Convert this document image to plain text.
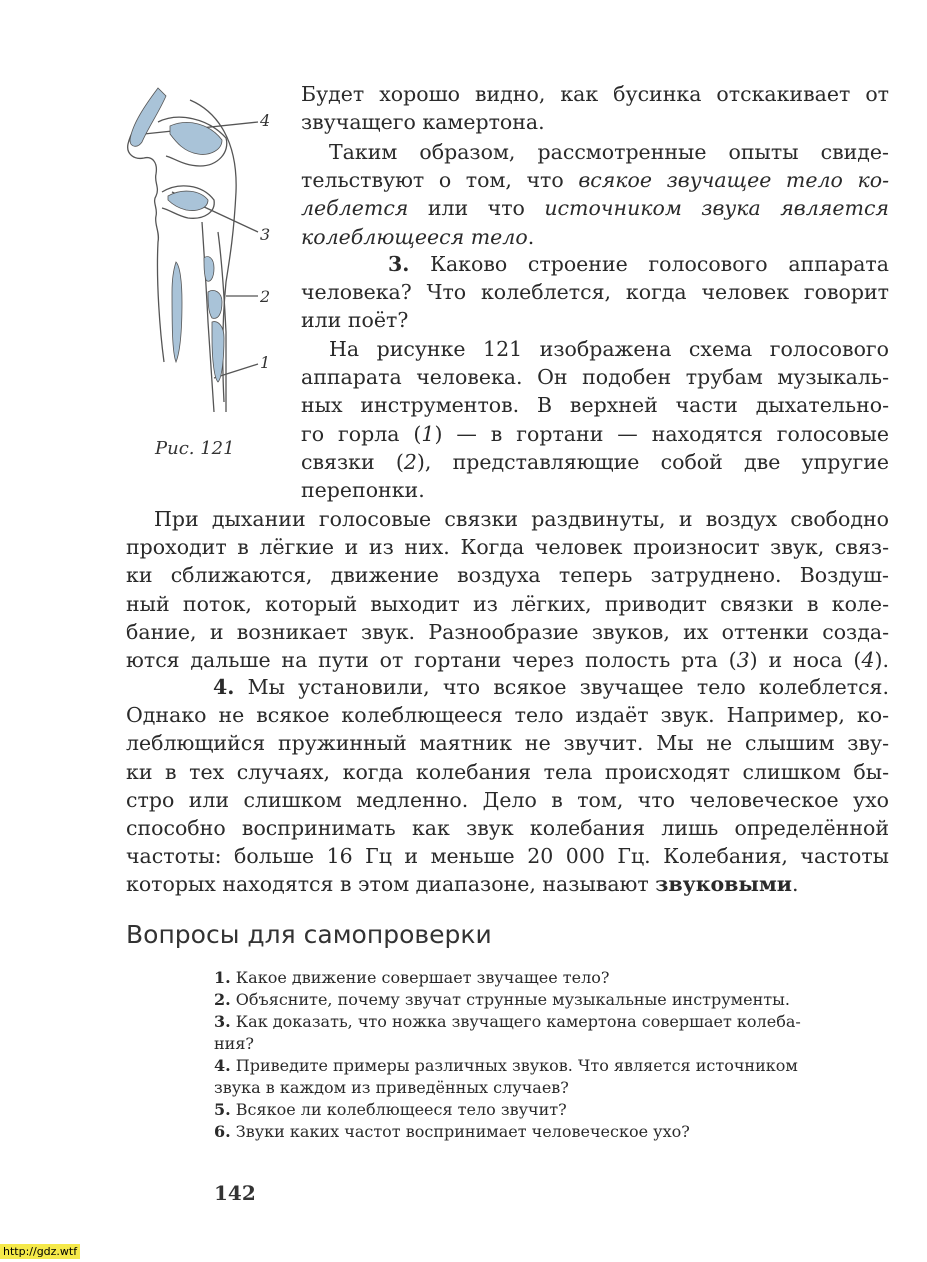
4
3
2
1
Рис. 121

Будет хорошо видно, как бусинка отскакивает от
звучащего камертона.

Таким образом, рассмотренные опыты свиде-
тельствуют о том, что всякое звучащее тело ко-
леблется или что источником звука является
колеблющееся тело.

3. Каково строение голосового аппарата
человека? Что колеблется, когда человек говорит
или поёт?

На рисунке 121 изображена схема голосового
аппарата человека. Он подобен трубам музыкаль-
ных инструментов. В верхней части дыхательно-
го горла (1) — в гортани — находятся голосовые
связки (2), представляющие собой две упругие
перепонки.

При дыхании голосовые связки раздвинуты, и воздух свободно
проходит в лёгкие и из них. Когда человек произносит звук, связ-
ки сближаются, движение воздуха теперь затруднено. Воздуш-
ный поток, который выходит из лёгких, приводит связки в коле-
бание, и возникает звук. Разнообразие звуков, их оттенки созда-
ются дальше на пути от гортани через полость рта (3) и носа (4).

4. Мы установили, что всякое звучащее тело колеблется.
Однако не всякое колеблющееся тело издаёт звук. Например, ко-
леблющийся пружинный маятник не звучит. Мы не слышим зву-
ки в тех случаях, когда колебания тела происходят слишком бы-
стро или слишком медленно. Дело в том, что человеческое ухо
способно воспринимать как звук колебания лишь определённой
частоты: больше 16 Гц и меньше 20 000 Гц. Колебания, частоты
которых находятся в этом диапазоне, называют звуковыми.

Вопросы для самопроверки
1. Какое движение совершает звучащее тело?
2. Объясните, почему звучат струнные музыкальные инструменты.
3. Как доказать, что ножка звучащего камертона совершает колеба-
ния?
4. Приведите примеры различных звуков. Что является источником
звука в каждом из приведённых случаев?
5. Всякое ли колеблющееся тело звучит?
6. Звуки каких частот воспринимает человеческое ухо?
142
http://gdz.wtf
